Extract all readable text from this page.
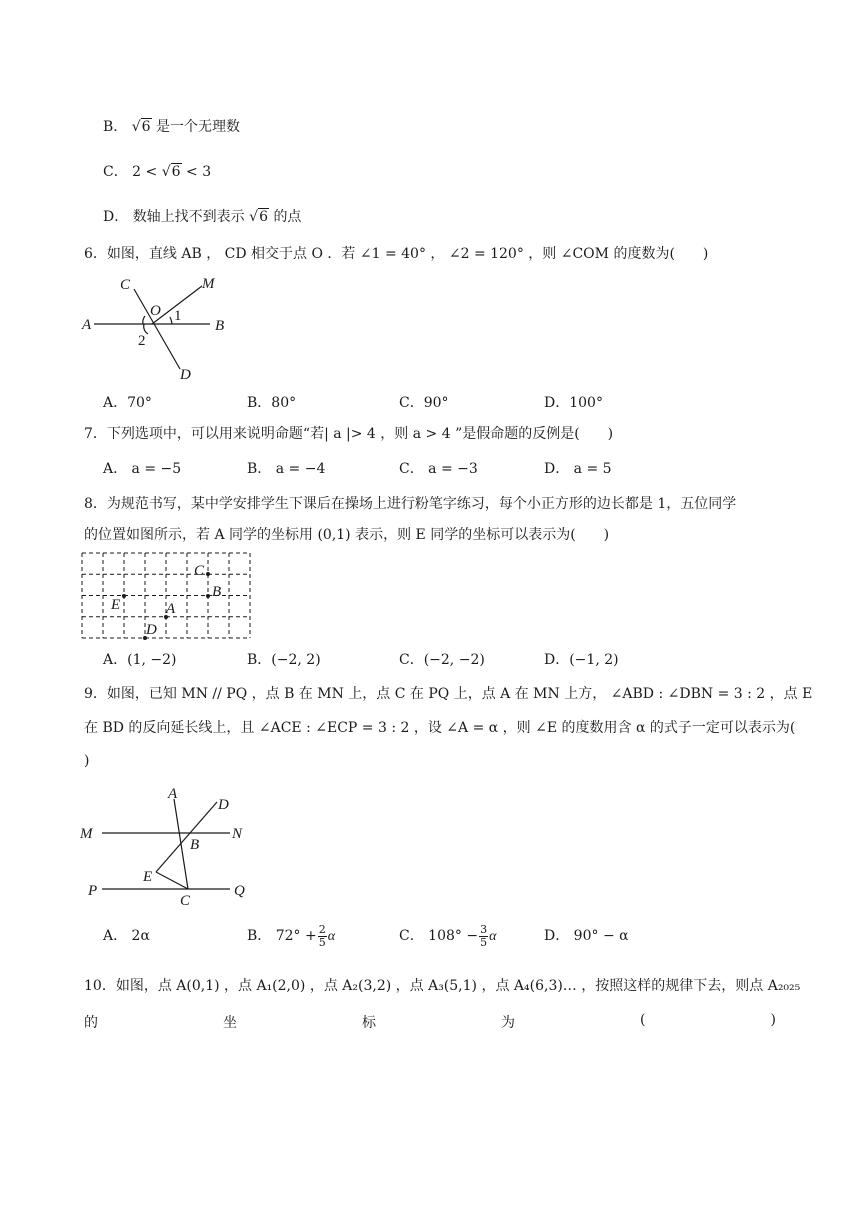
B． √6 是一个无理数
C． 2 < √6 < 3
D． 数轴上找不到表示 √6 的点
6．如图，直线 AB ， CD 相交于点 O ．若 ∠1 = 40° ， ∠2 = 120° ，则 ∠COM 的度数为(　　)
A	B
C
D
O
M
1
2
A．70°	B．80°	C．90°	D．100°
7．下列选项中，可以用来说明命题“若| a |> 4 ，则 a > 4 ”是假命题的反例是(　　)
A． a = −5	B． a = −4	C． a = −3	D． a = 5
8．为规范书写，某中学安排学生下课后在操场上进行粉笔字练习，每个小正方形的边长都是 1，五位同学
的位置如图所示，若 A 同学的坐标用 (0,1) 表示，则 E 同学的坐标可以表示为(　　)
C
B
E	A
D
A．(1, −2)	B．(−2, 2)	C．(−2, −2)	D．(−1, 2)
9．如图，已知 MN // PQ ，点 B 在 MN 上，点 C 在 PQ 上，点 A 在 MN 上方， ∠ABD : ∠DBN = 3 : 2 ，点 E
在 BD 的反向延长线上，且 ∠ACE : ∠ECP = 3 : 2 ，设 ∠A = α ，则 ∠E 的度数用含 α 的式子一定可以表示为(
)
A
D
M	N
B
E
P
C
Q
A． 2α	B． $72^\circ + \frac{2}{5}$ α	C． $108^\circ - \frac{3}{5}$ α	D． 90° − α
10．如图，点 A(0,1) ，点 A₁(2,0) ，点 A₂(3,2) ，点 A₃(5,1) ，点 A₄(6,3)… ，按照这样的规律下去，则点 A₂₀₂₅
的	坐	标	为	(	)
